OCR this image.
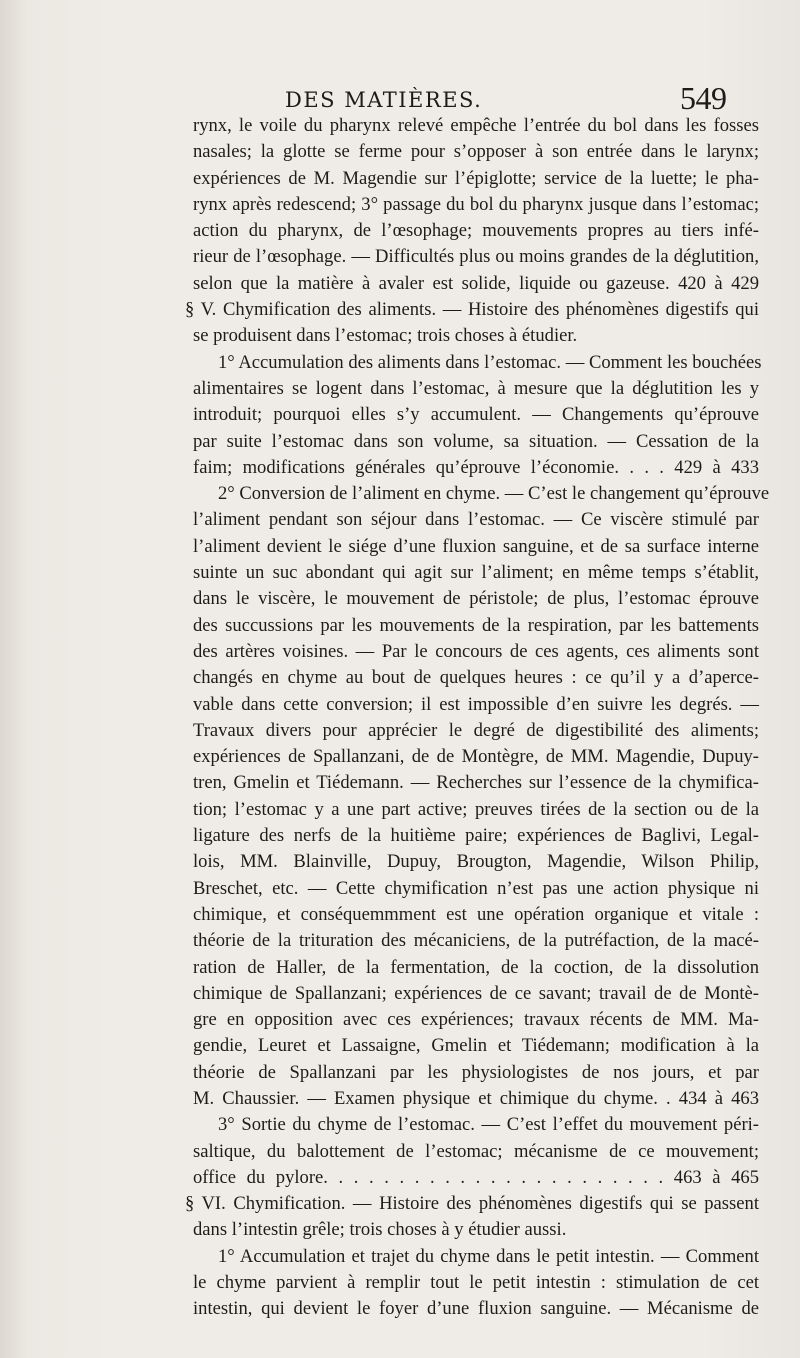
DES MATIÈRES.	549
rynx, le voile du pharynx relevé empêche l’entrée du bol dans les fosses
nasales; la glotte se ferme pour s’opposer à son entrée dans le larynx;
expériences de M. Magendie sur l’épiglotte; service de la luette; le pha-
rynx après redescend; 3° passage du bol du pharynx jusque dans l’estomac;
action du pharynx, de l’œsophage; mouvements propres au tiers infé-
rieur de l’œsophage. — Difficultés plus ou moins grandes de la déglutition,
selon que la matière à avaler est solide, liquide ou gazeuse. 420 à 429
§ V. Chymification des aliments. — Histoire des phénomènes digestifs qui
se produisent dans l’estomac; trois choses à étudier.
1° Accumulation des aliments dans l’estomac. — Comment les bouchées
alimentaires se logent dans l’estomac, à mesure que la déglutition les y
introduit; pourquoi elles s’y accumulent. — Changements qu’éprouve
par suite l’estomac dans son volume, sa situation. — Cessation de la
faim; modifications générales qu’éprouve l’économie. . . . 429 à 433
2° Conversion de l’aliment en chyme. — C’est le changement qu’éprouve
l’aliment pendant son séjour dans l’estomac. — Ce viscère stimulé par
l’aliment devient le siége d’une fluxion sanguine, et de sa surface interne
suinte un suc abondant qui agit sur l’aliment; en même temps s’établit,
dans le viscère, le mouvement de péristole; de plus, l’estomac éprouve
des succussions par les mouvements de la respiration, par les battements
des artères voisines. — Par le concours de ces agents, ces aliments sont
changés en chyme au bout de quelques heures : ce qu’il y a d’aperce-
vable dans cette conversion; il est impossible d’en suivre les degrés. —
Travaux divers pour apprécier le degré de digestibilité des aliments;
expériences de Spallanzani, de de Montègre, de MM. Magendie, Dupuy-
tren, Gmelin et Tiédemann. — Recherches sur l’essence de la chymifica-
tion; l’estomac y a une part active; preuves tirées de la section ou de la
ligature des nerfs de la huitième paire; expériences de Baglivi, Legal-
lois, MM. Blainville, Dupuy, Brougton, Magendie, Wilson Philip,
Breschet, etc. — Cette chymification n’est pas une action physique ni
chimique, et conséquemmment est une opération organique et vitale :
théorie de la trituration des mécaniciens, de la putréfaction, de la macé-
ration de Haller, de la fermentation, de la coction, de la dissolution
chimique de Spallanzani; expériences de ce savant; travail de de Montè-
gre en opposition avec ces expériences; travaux récents de MM. Ma-
gendie, Leuret et Lassaigne, Gmelin et Tiédemann; modification à la
théorie de Spallanzani par les physiologistes de nos jours, et par
M. Chaussier. — Examen physique et chimique du chyme. . 434 à 463
3° Sortie du chyme de l’estomac. — C’est l’effet du mouvement péri-
saltique, du balottement de l’estomac; mécanisme de ce mouvement;
office du pylore. . . . . . . . . . . . . . . . . . . . . . . 463 à 465
§ VI. Chymification. — Histoire des phénomènes digestifs qui se passent
dans l’intestin grêle; trois choses à y étudier aussi.
1° Accumulation et trajet du chyme dans le petit intestin. — Comment
le chyme parvient à remplir tout le petit intestin : stimulation de cet
intestin, qui devient le foyer d’une fluxion sanguine. — Mécanisme de
